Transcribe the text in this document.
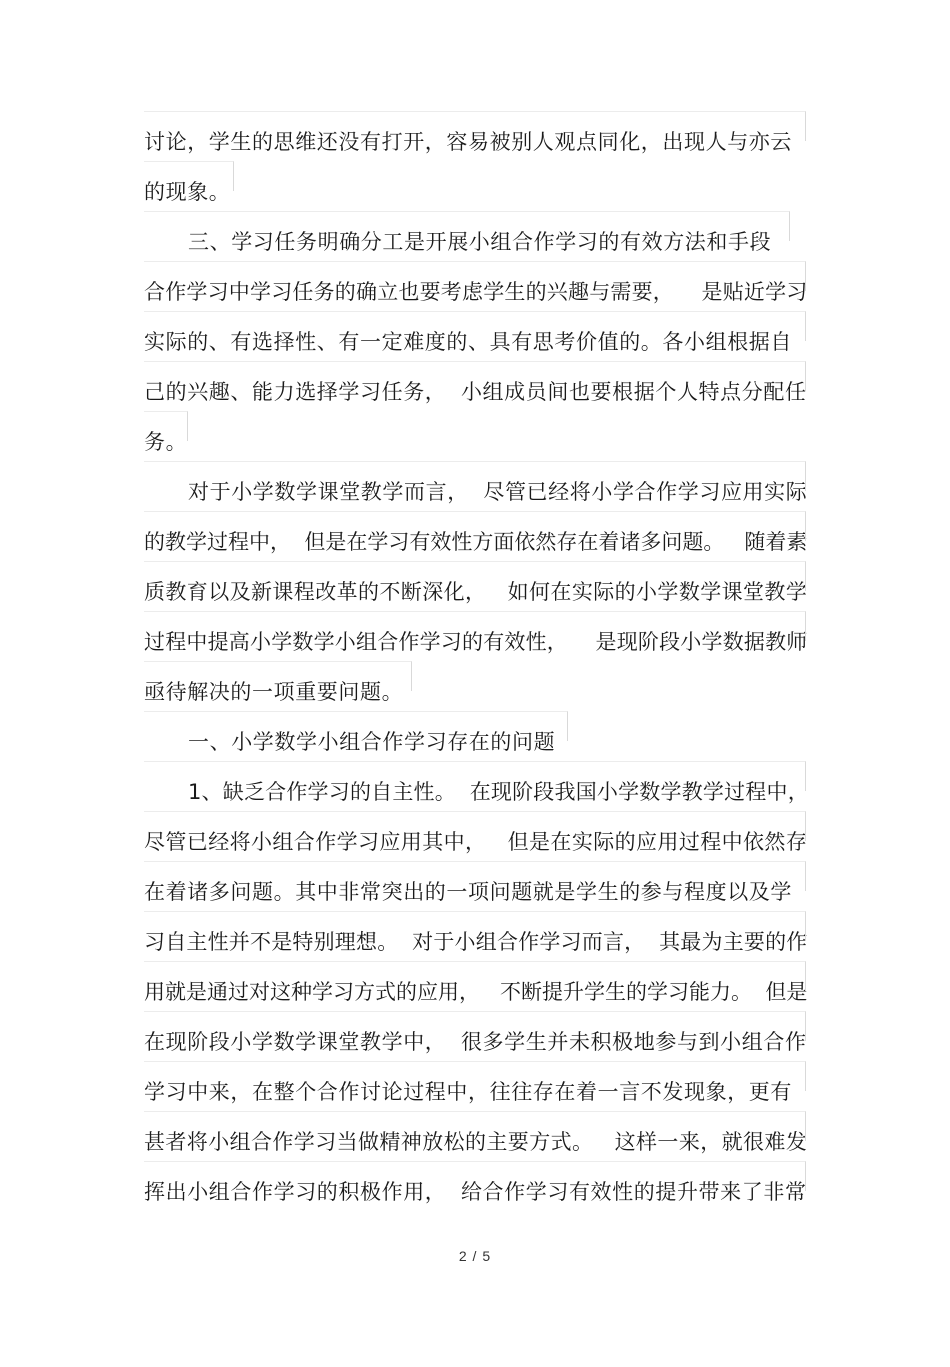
讨论，学生的思维还没有打开，容易被别人观点同化，出现人与亦云

的现象。

三、学习任务明确分工是开展小组合作学习的有效方法和手段

合作学习中学习任务的确立也要考虑学生的兴趣与需要，    是贴近学习

实际的、有选择性、有一定难度的、具有思考价值的。各小组根据自

己的兴趣、能力选择学习任务，  小组成员间也要根据个人特点分配任

务。

对于小学数学课堂教学而言，  尽管已经将小学合作学习应用实际

的教学过程中，  但是在学习有效性方面依然存在着诸多问题。   随着素

质教育以及新课程改革的不断深化，   如何在实际的小学数学课堂教学

过程中提高小学数学小组合作学习的有效性，    是现阶段小学数据教师

亟待解决的一项重要问题。

一、小学数学小组合作学习存在的问题

1、缺乏合作学习的自主性。  在现阶段我国小学数学教学过程中，

尽管已经将小组合作学习应用其中，   但是在实际的应用过程中依然存

在着诸多问题。其中非常突出的一项问题就是学生的参与程度以及学

习自主性并不是特别理想。  对于小组合作学习而言，  其最为主要的作

用就是通过对这种学习方式的应用，   不断提升学生的学习能力。  但是

在现阶段小学数学课堂教学中，  很多学生并未积极地参与到小组合作

学习中来，在整个合作讨论过程中，往往存在着一言不发现象，更有

甚者将小组合作学习当做精神放松的主要方式。   这样一来，就很难发

挥出小组合作学习的积极作用，  给合作学习有效性的提升带来了非常

2 / 5
